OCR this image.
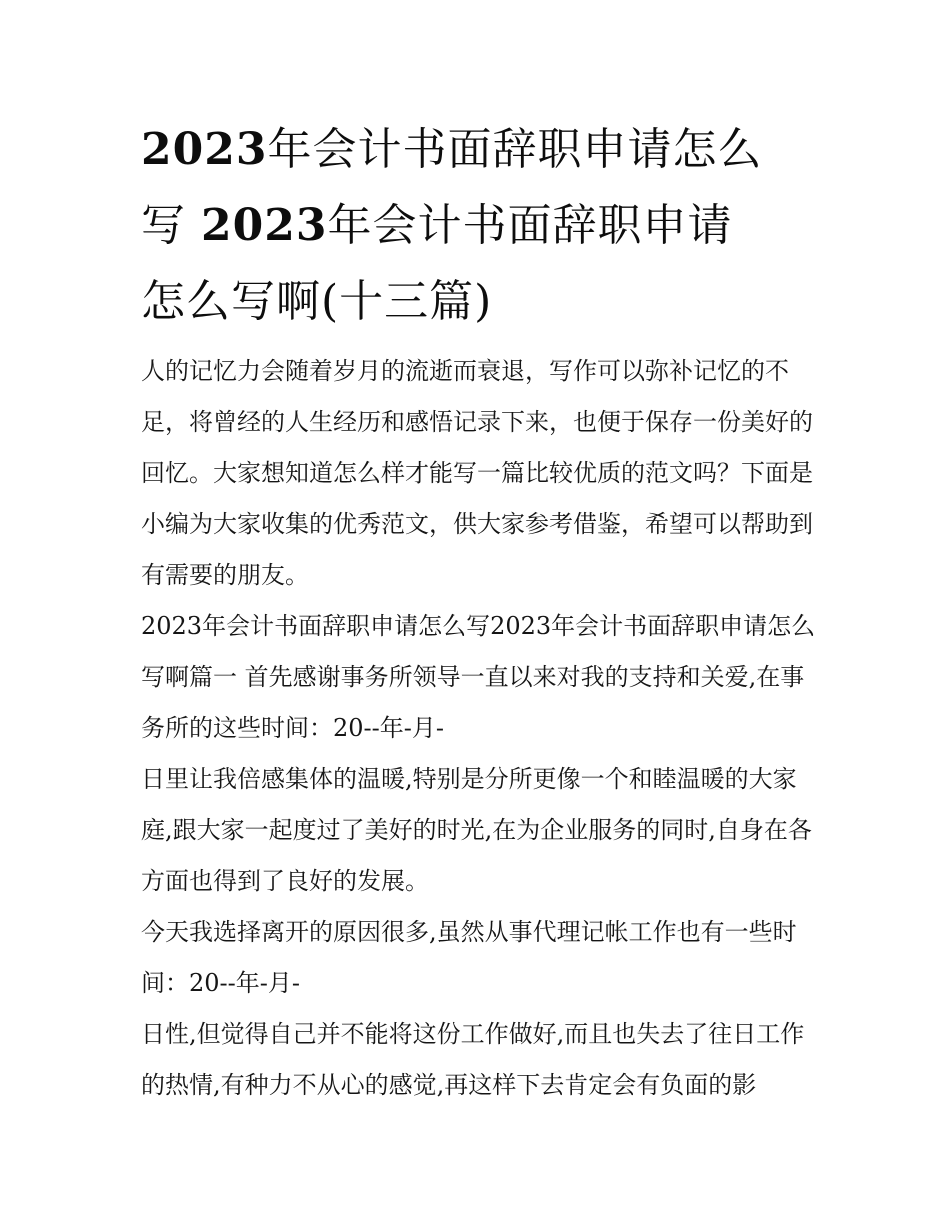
2023年会计书面辞职申请怎么
写 2023年会计书面辞职申请
怎么写啊(十三篇)

人的记忆力会随着岁月的流逝而衰退，写作可以弥补记忆的不足，将曾经的人生经历和感悟记录下来，也便于保存一份美好的回忆。大家想知道怎么样才能写一篇比较优质的范文吗？下面是小编为大家收集的优秀范文，供大家参考借鉴，希望可以帮助到有需要的朋友。

2023年会计书面辞职申请怎么写2023年会计书面辞职申请怎么写啊篇一 首先感谢事务所领导一直以来对我的支持和关爱,在事务所的这些时间：20--年-月-

日里让我倍感集体的温暖,特别是分所更像一个和睦温暖的大家庭,跟大家一起度过了美好的时光,在为企业服务的同时,自身在各方面也得到了良好的发展。

今天我选择离开的原因很多,虽然从事代理记帐工作也有一些时间：20--年-月-

日性,但觉得自己并不能将这份工作做好,而且也失去了往日工作的热情,有种力不从心的感觉,再这样下去肯定会有负面的影
